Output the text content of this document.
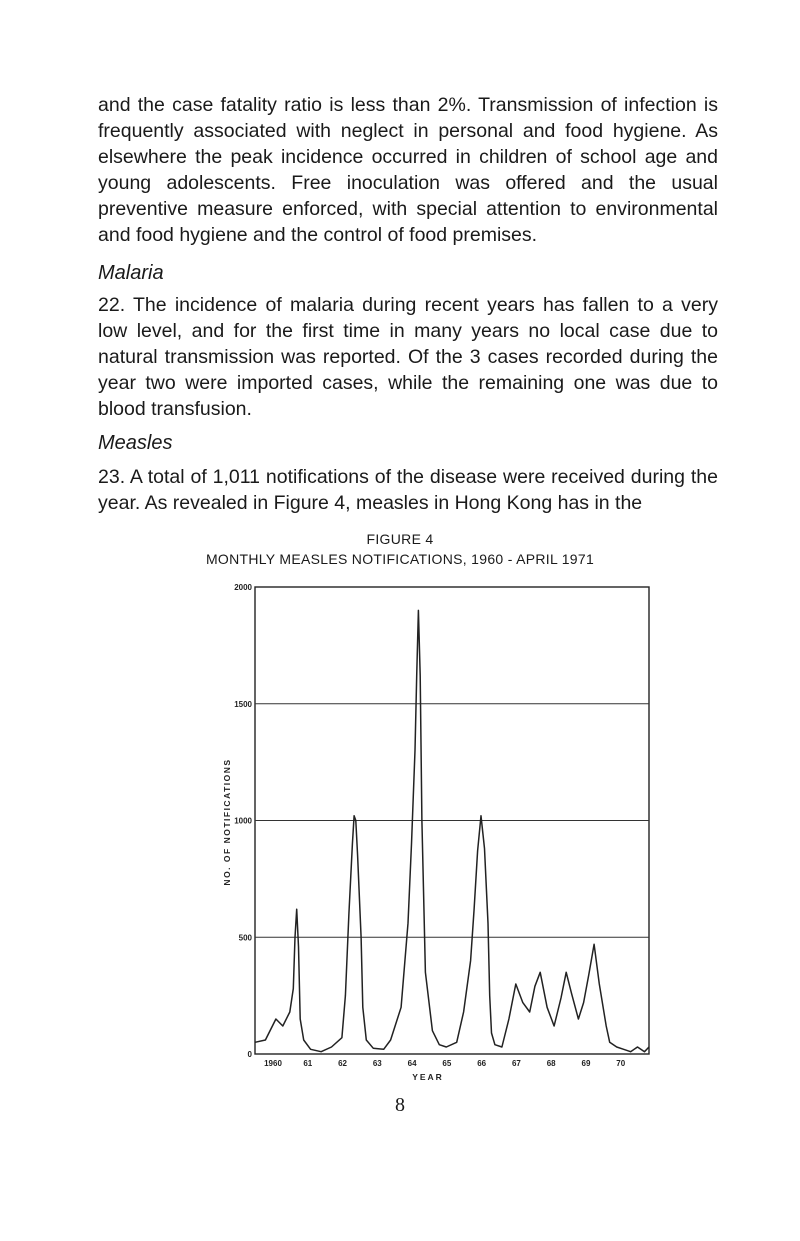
and the case fatality ratio is less than 2%. Transmission of infection is frequently associated with neglect in personal and food hygiene. As elsewhere the peak incidence occurred in children of school age and young adolescents. Free inoculation was offered and the usual preventive measure enforced, with special attention to environmental and food hygiene and the control of food premises.

Malaria

22. The incidence of malaria during recent years has fallen to a very low level, and for the first time in many years no local case due to natural transmission was reported. Of the 3 cases recorded during the year two were imported cases, while the remaining one was due to blood transfusion.

Measles

23. A total of 1,011 notifications of the disease were received during the year. As revealed in Figure 4, measles in Hong Kong has in the

FIGURE 4

MONTHLY MEASLES NOTIFICATIONS, 1960 - APRIL 1971

0
500
1000
1500
2000
1960	61	62	63	64	65	66	67	68	69	70
NO. OF NOTIFICATIONS
YEAR
8
